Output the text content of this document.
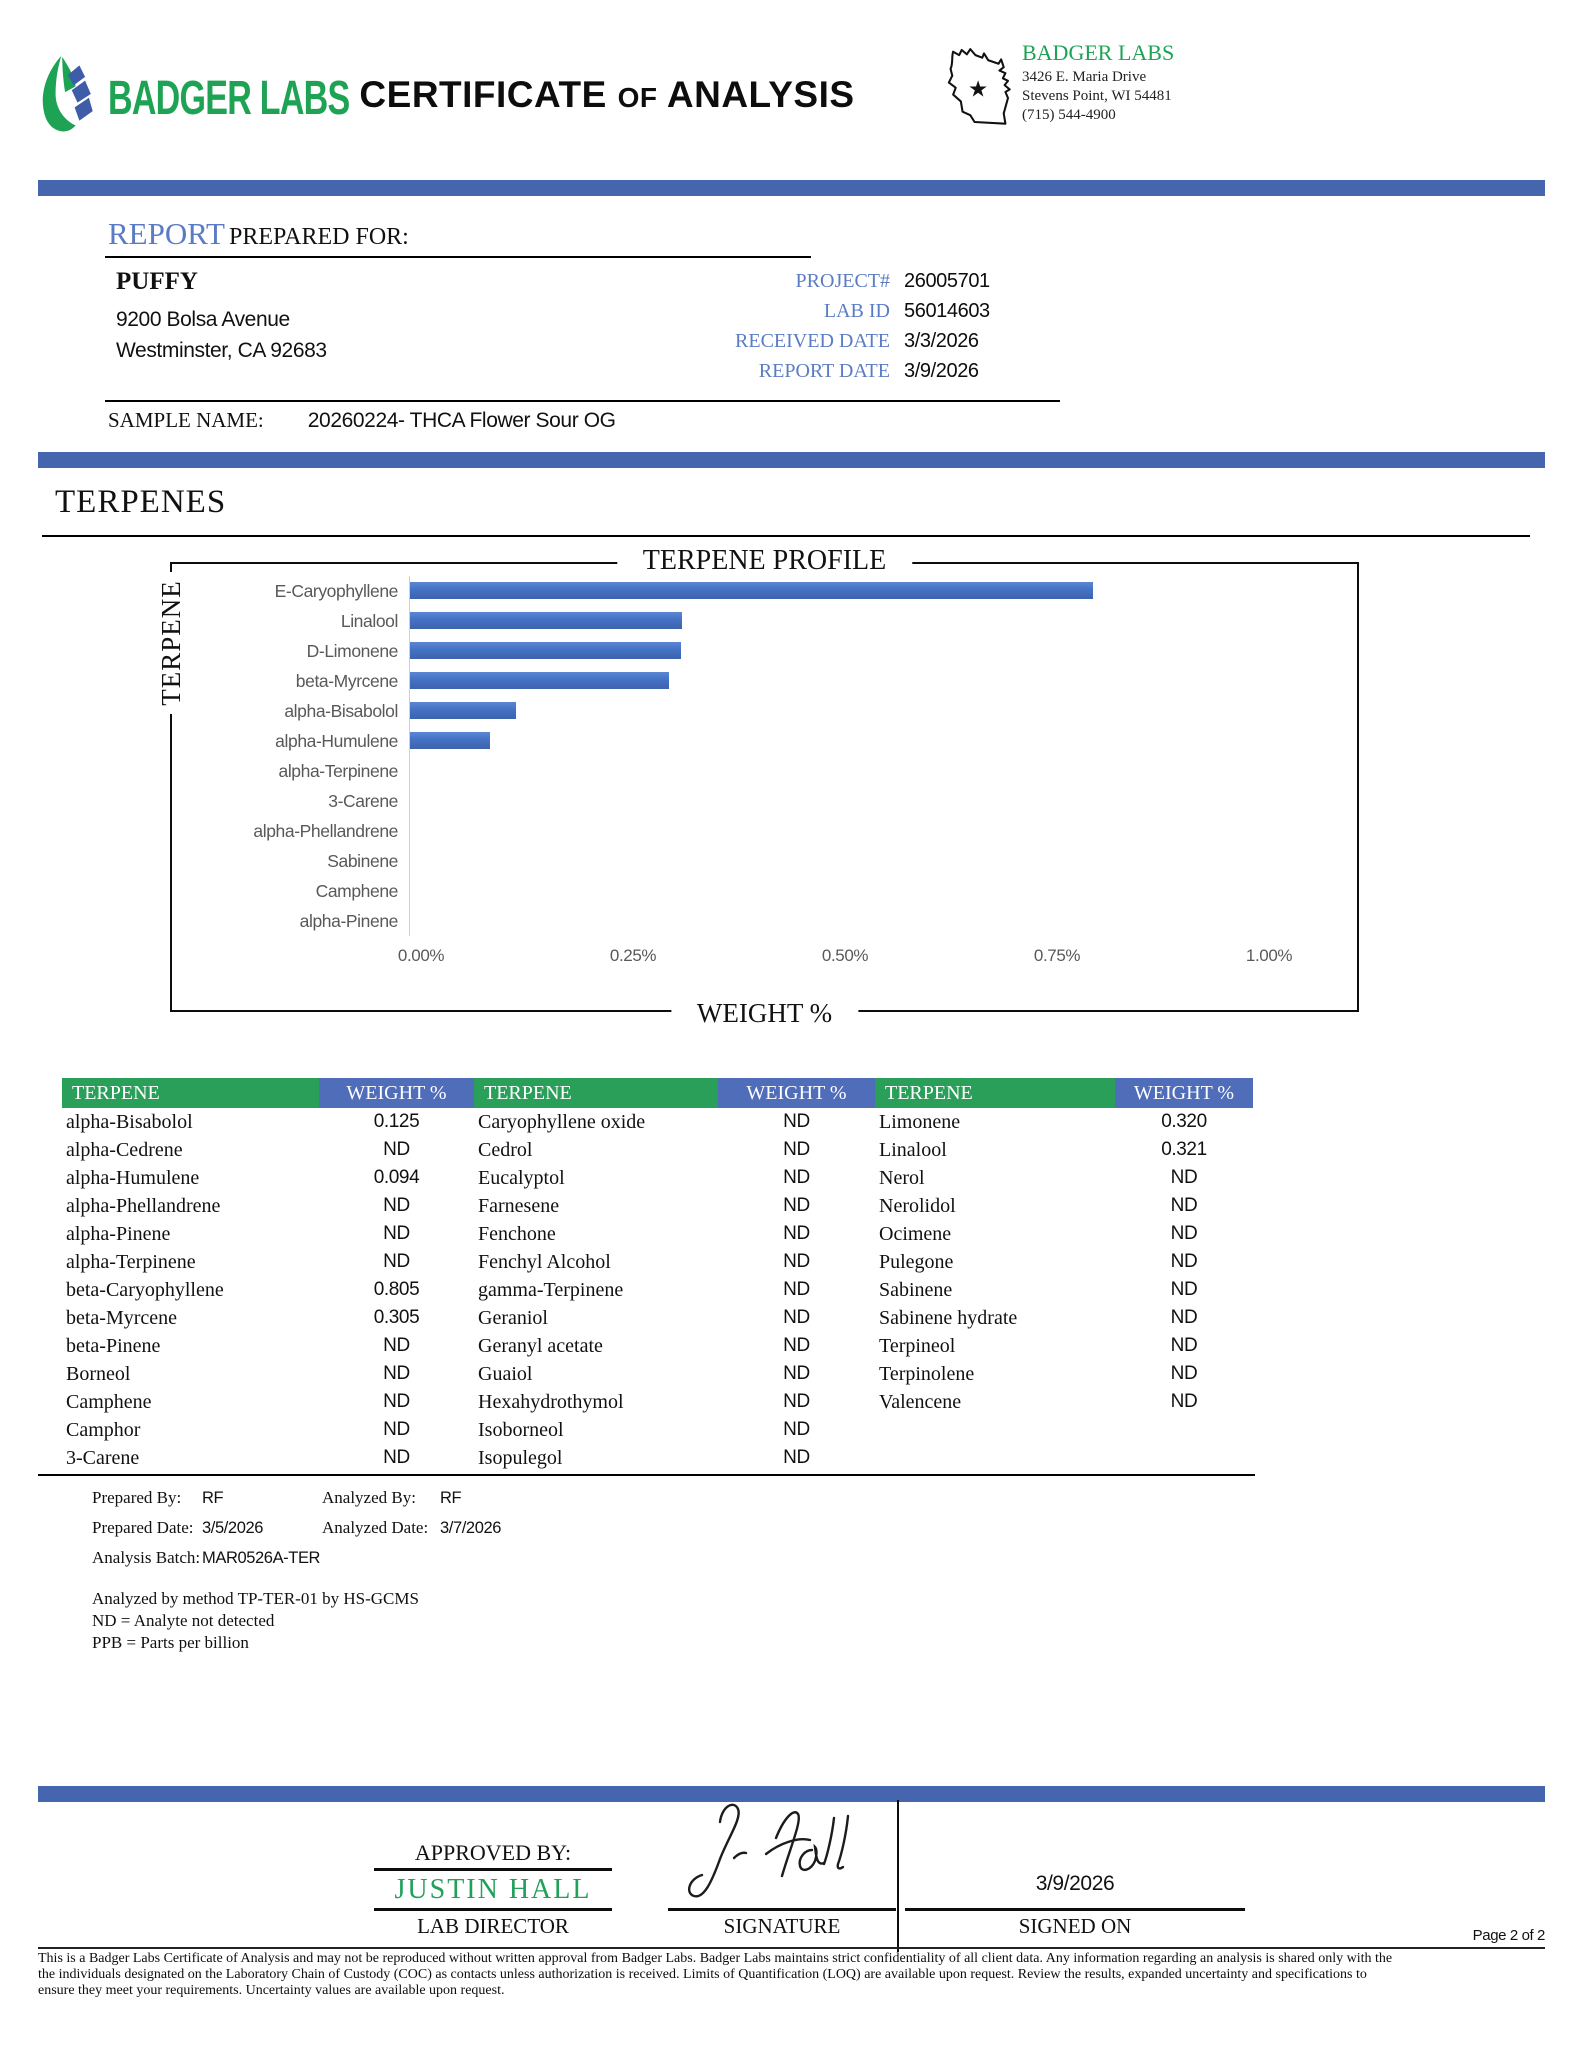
BADGER LABS CERTIFICATE OF ANALYSIS	★
BADGER LABS
3426 E. Maria Drive
Stevens Point, WI 54481
(715) 544-4900
REPORT PREPARED FOR:
PUFFY
9200 Bolsa Avenue
Westminster, CA 92683
PROJECT# 26005701
LAB ID 56014603
RECEIVED DATE 3/3/2026
REPORT DATE 3/9/2026
SAMPLE NAME: 20260224- THCA Flower Sour OG
TERPENES
TERPENE PROFILE
TERPENE	E-Caryophyllene
Linalool
D-Limonene
beta-Myrcene
alpha-Bisabolol
alpha-Humulene
alpha-Terpinene
3-Carene
alpha-Phellandrene
Sabinene
Camphene
alpha-Pinene
0.00%	0.25%	0.50%	0.75%	1.00%
WEIGHT %
TERPENE	WEIGHT %	TERPENE	WEIGHT %	TERPENE	WEIGHT %
alpha-Bisabolol	0.125	Caryophyllene oxide	ND	Limonene	0.320
alpha-Cedrene	ND	Cedrol	ND	Linalool	0.321
alpha-Humulene	0.094	Eucalyptol	ND	Nerol	ND
alpha-Phellandrene	ND	Farnesene	ND	Nerolidol	ND
alpha-Pinene	ND	Fenchone	ND	Ocimene	ND
alpha-Terpinene	ND	Fenchyl Alcohol	ND	Pulegone	ND
beta-Caryophyllene	0.805	gamma-Terpinene	ND	Sabinene	ND
beta-Myrcene	0.305	Geraniol	ND	Sabinene hydrate	ND
beta-Pinene	ND	Geranyl acetate	ND	Terpineol	ND
Borneol	ND	Guaiol	ND	Terpinolene	ND
Camphene	ND	Hexahydrothymol	ND	Valencene	ND
Camphor	ND	Isoborneol	ND
3-Carene	ND	Isopulegol	ND
Prepared By:	RF	Analyzed By:	RF
Prepared Date: 3/5/2026	Analyzed Date: 3/7/2026
Analysis Batch: MAR0526A-TER
Analyzed by method TP-TER-01 by HS-GCMS
ND = Analyte not detected
PPB = Parts per billion
APPROVED BY:
JUSTIN HALL
LAB DIRECTOR	SIGNATURE
3/9/2026
SIGNED ON	Page 2 of 2
This is a Badger Labs Certificate of Analysis and may not be reproduced without written approval from Badger Labs. Badger Labs maintains strict confidentiality of all client data. Any information regarding an analysis is shared only with the
the individuals designated on the Laboratory Chain of Custody (COC) as contacts unless authorization is received. Limits of Quantification (LOQ) are available upon request. Review the results, expanded uncertainty and specifications to
ensure they meet your requirements. Uncertainty values are available upon request.
